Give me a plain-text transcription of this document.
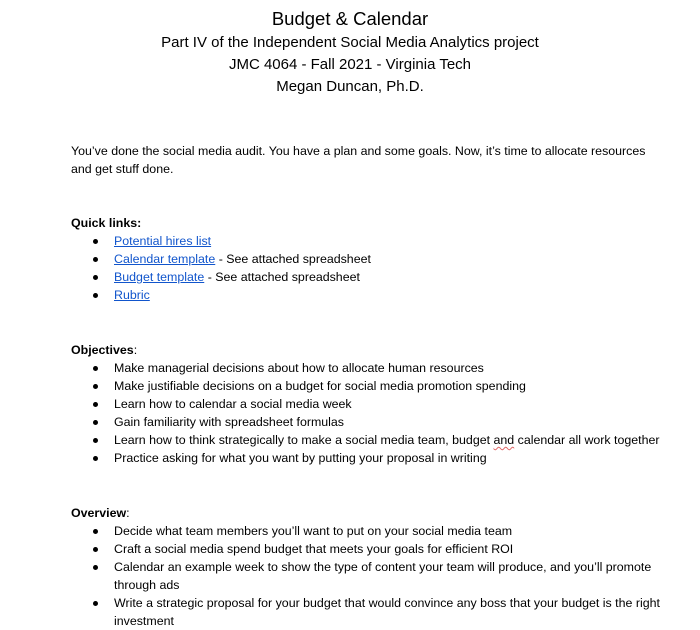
Budget & Calendar

Part IV of the Independent Social Media Analytics project

JMC 4064 - Fall 2021 - Virginia Tech

Megan Duncan, Ph.D.

You’ve done the social media audit. You have a plan and some goals. Now, it’s time to allocate resources and get stuff done.

Quick links:

Potential hires list
Calendar template - See attached spreadsheet
Budget template - See attached spreadsheet
Rubric

Objectives:

Make managerial decisions about how to allocate human resources
Make justifiable decisions on a budget for social media promotion spending
Learn how to calendar a social media week
Gain familiarity with spreadsheet formulas
Learn how to think strategically to make a social media team, budget and calendar all work together
Practice asking for what you want by putting your proposal in writing

Overview:

Decide what team members you’ll want to put on your social media team
Craft a social media spend budget that meets your goals for efficient ROI
Calendar an example week to show the type of content your team will produce, and you’ll promote through ads
Write a strategic proposal for your budget that would convince any boss that your budget is the right investment
